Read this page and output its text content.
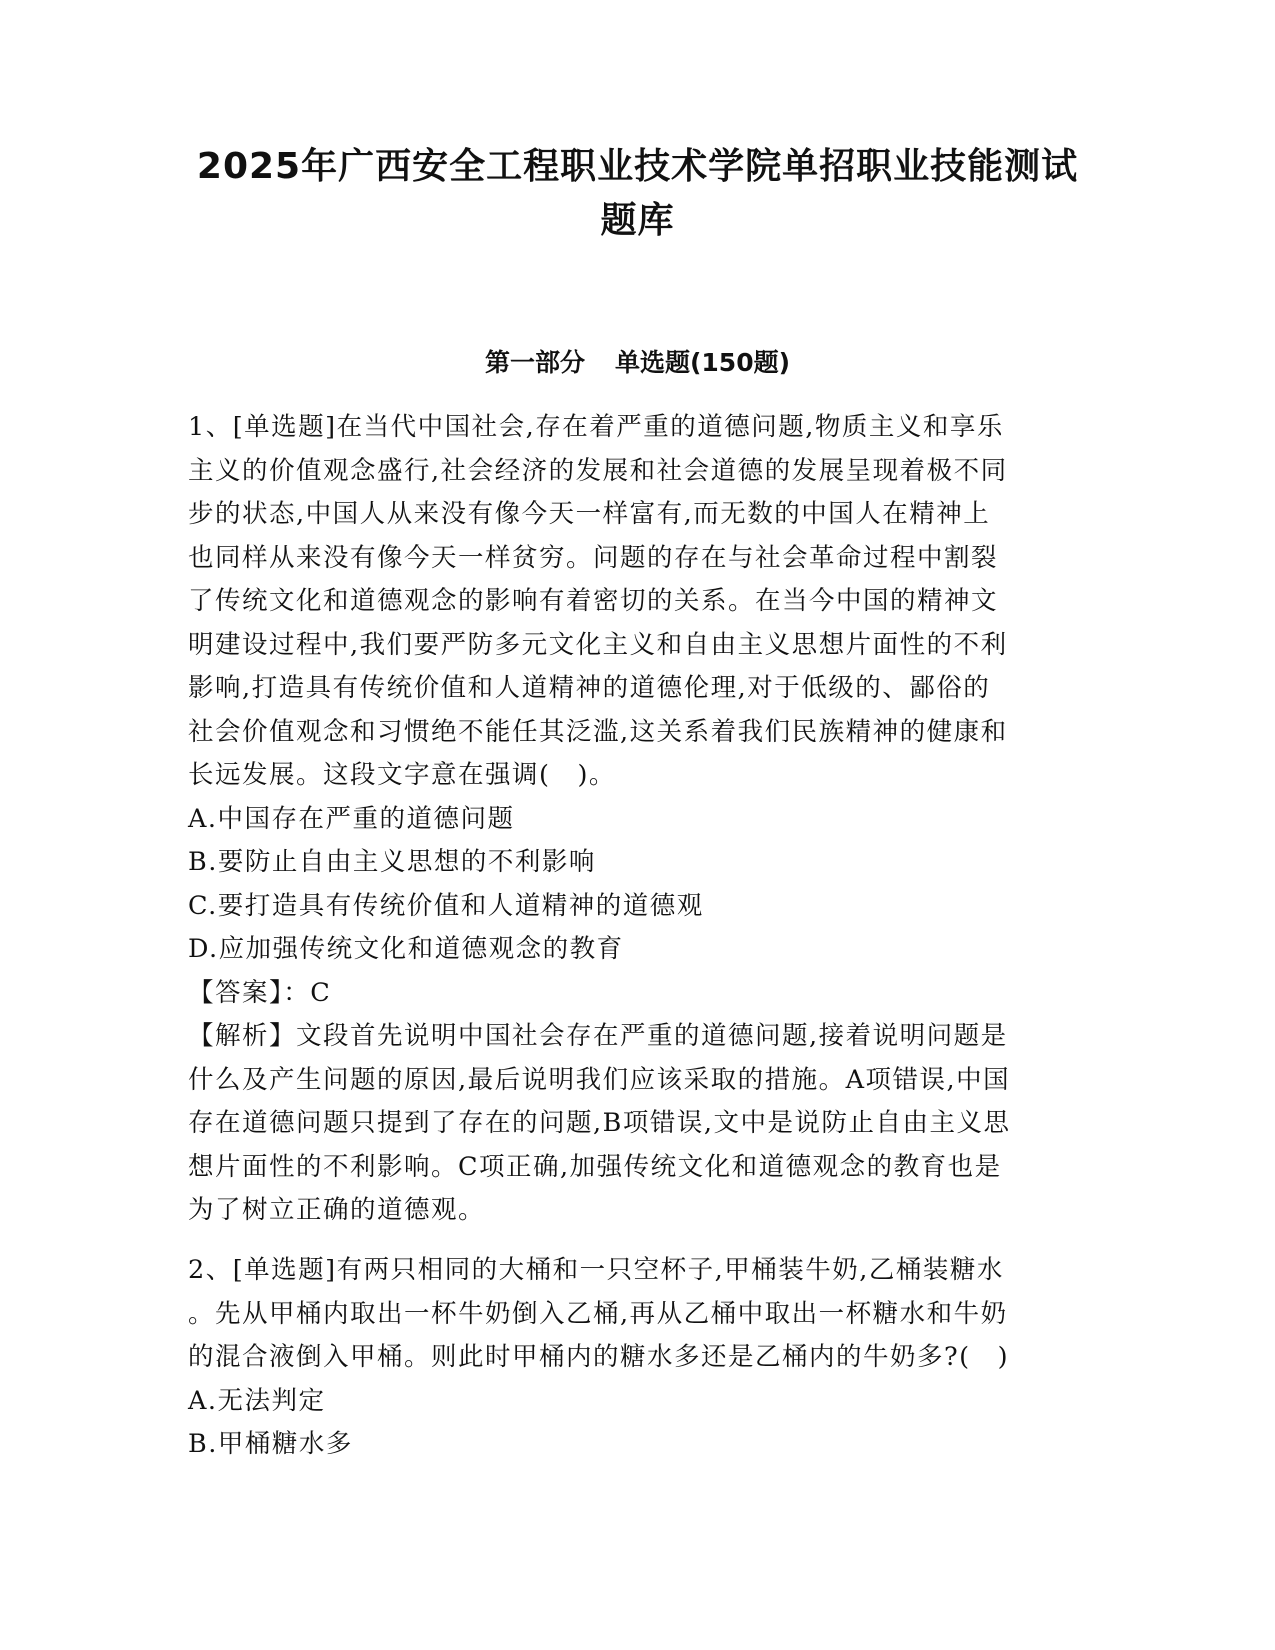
2025年广西安全工程职业技术学院单招职业技能测试
题库
第一部分 单选题(150题)
1、[单选题]在当代中国社会,存在着严重的道德问题,物质主义和享乐
主义的价值观念盛行,社会经济的发展和社会道德的发展呈现着极不同
步的状态,中国人从来没有像今天一样富有,而无数的中国人在精神上
也同样从来没有像今天一样贫穷。问题的存在与社会革命过程中割裂
了传统文化和道德观念的影响有着密切的关系。在当今中国的精神文
明建设过程中,我们要严防多元文化主义和自由主义思想片面性的不利
影响,打造具有传统价值和人道精神的道德伦理,对于低级的、鄙俗的
社会价值观念和习惯绝不能任其泛滥,这关系着我们民族精神的健康和
长远发展。这段文字意在强调(　)。
A.中国存在严重的道德问题
B.要防止自由主义思想的不利影响
C.要打造具有传统价值和人道精神的道德观
D.应加强传统文化和道德观念的教育
【答案】：C
【解析】文段首先说明中国社会存在严重的道德问题,接着说明问题是
什么及产生问题的原因,最后说明我们应该采取的措施。A项错误,中国
存在道德问题只提到了存在的问题,B项错误,文中是说防止自由主义思
想片面性的不利影响。C项正确,加强传统文化和道德观念的教育也是
为了树立正确的道德观。
2、[单选题]有两只相同的大桶和一只空杯子,甲桶装牛奶,乙桶装糖水
。先从甲桶内取出一杯牛奶倒入乙桶,再从乙桶中取出一杯糖水和牛奶
的混合液倒入甲桶。则此时甲桶内的糖水多还是乙桶内的牛奶多?(　)
A.无法判定
B.甲桶糖水多
